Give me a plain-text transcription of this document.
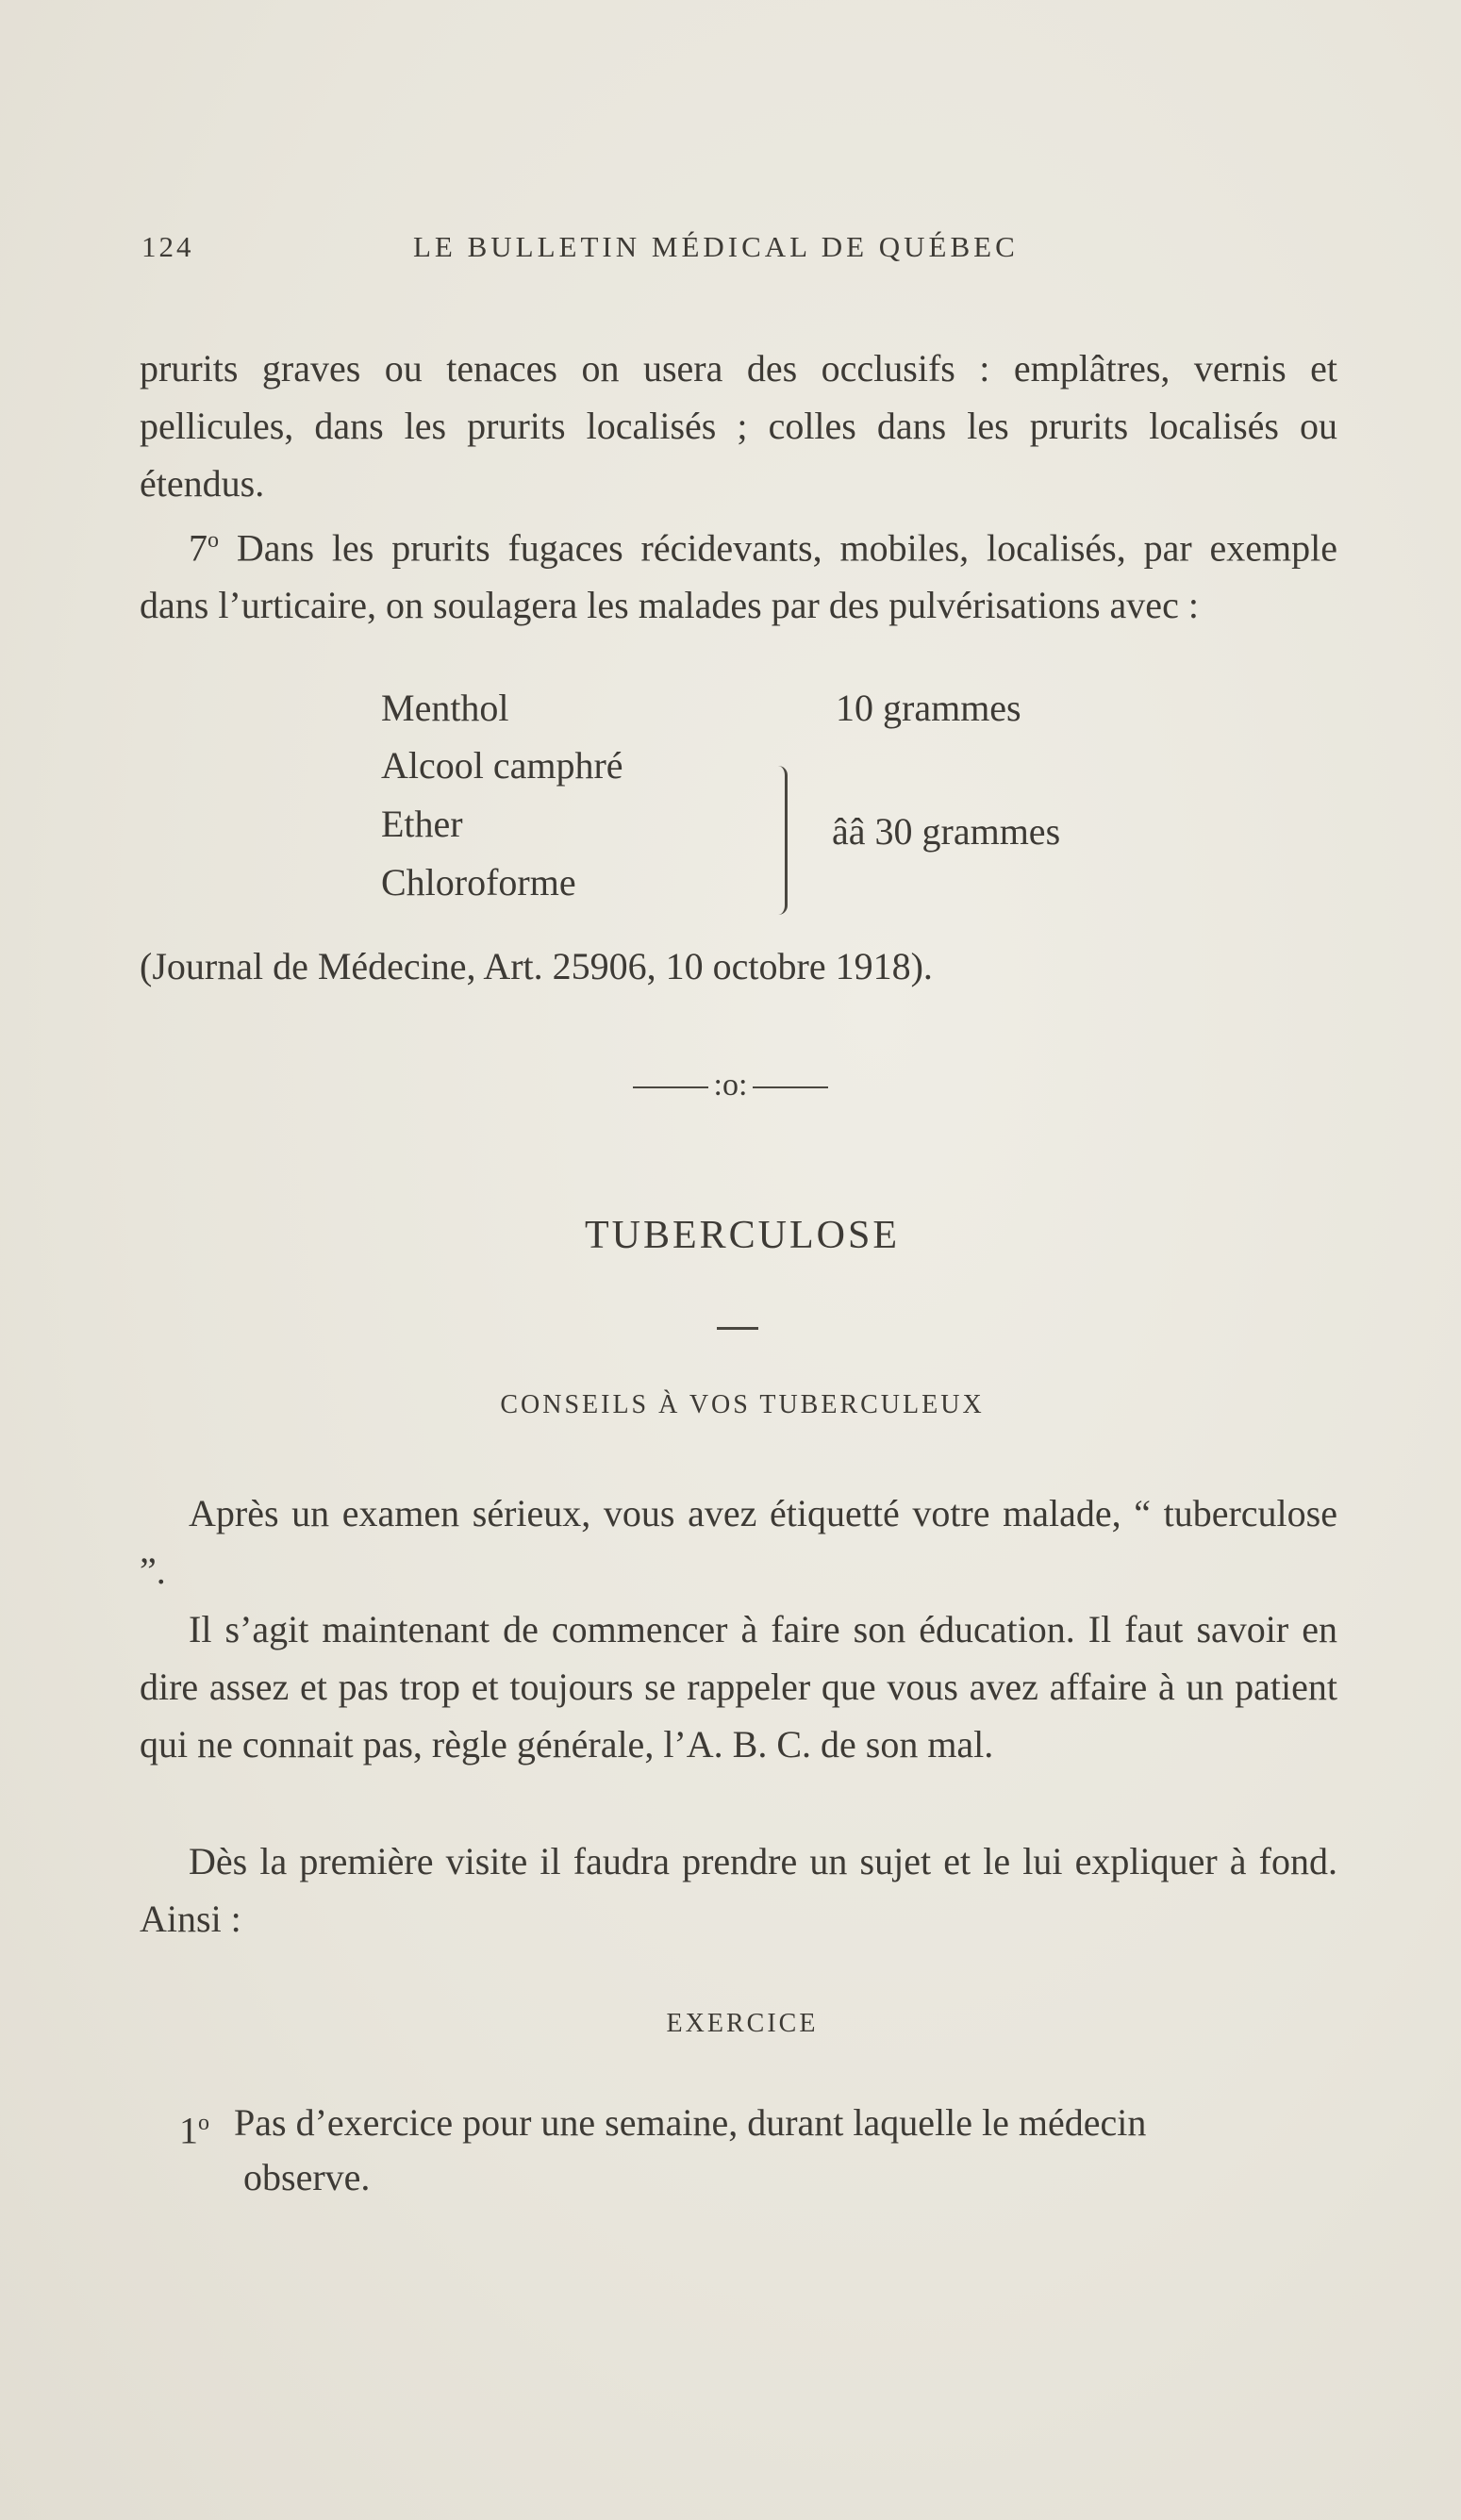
124	LE BULLETIN MÉDICAL DE QUÉBEC
prurits graves ou tenaces on usera des occlusifs : emplâtres, vernis et pellicules, dans les prurits localisés ; colles dans les prurits localisés ou étendus.
7$^o$ Dans les prurits fugaces récidevants, mobiles, localisés, par exemple dans l’urticaire, on soulagera les malades par des pulvérisations avec :
Menthol	10 grammes
Alcool camphré
Ether
Chloroforme
ââ 30 grammes
(Journal de Médecine, Art. 25906, 10 octobre 1918).
:o:
TUBERCULOSE
CONSEILS À VOS TUBERCULEUX
Après un examen sérieux, vous avez étiquetté votre malade, “ tuberculose ”.
Il s’agit maintenant de commencer à faire son éducation. Il faut savoir en dire assez et pas trop et toujours se rappeler que vous avez affaire à un patient qui ne connait pas, règle générale, l’A. B. C. de son mal.
Dès la première visite il faudra prendre un sujet et le lui expliquer à fond. Ainsi :
EXERCICE
1$^o$ Pas d’exercice pour une semaine, durant laquelle le médecin
observe.
